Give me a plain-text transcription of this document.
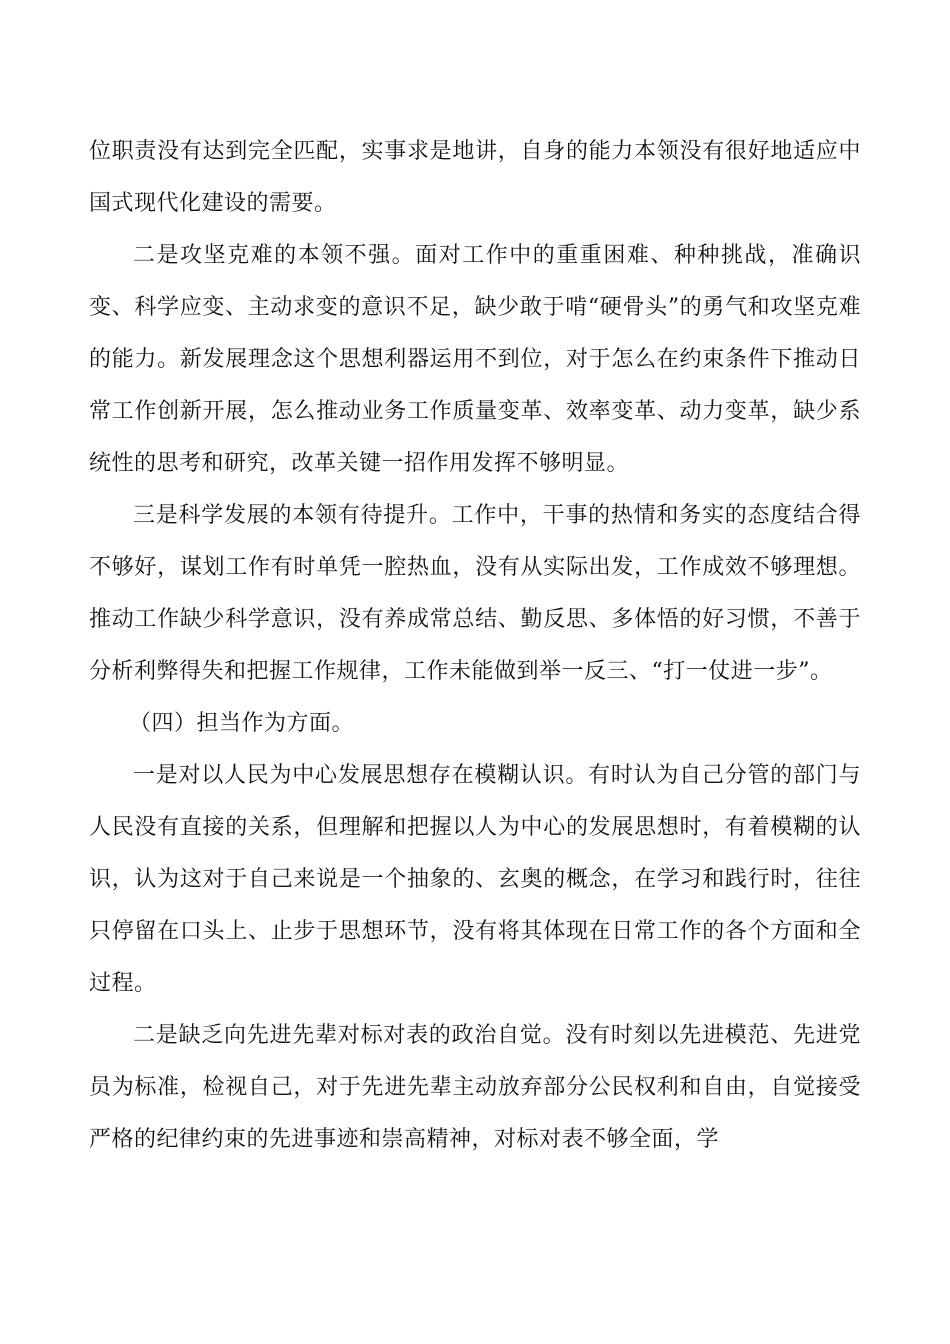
位职责没有达到完全匹配，实事求是地讲，自身的能力本领没有很好地适应中国式现代化建设的需要。

二是攻坚克难的本领不强。面对工作中的重重困难、种种挑战，准确识变、科学应变、主动求变的意识不足，缺少敢于啃“硬骨头”的勇气和攻坚克难的能力。新发展理念这个思想利器运用不到位，对于怎么在约束条件下推动日常工作创新开展，怎么推动业务工作质量变革、效率变革、动力变革，缺少系统性的思考和研究，改革关键一招作用发挥不够明显。

三是科学发展的本领有待提升。工作中，干事的热情和务实的态度结合得不够好，谋划工作有时单凭一腔热血，没有从实际出发，工作成效不够理想。推动工作缺少科学意识，没有养成常总结、勤反思、多体悟的好习惯，不善于分析利弊得失和把握工作规律，工作未能做到举一反三、“打一仗进一步”。

（四）担当作为方面。

一是对以人民为中心发展思想存在模糊认识。有时认为自己分管的部门与人民没有直接的关系，但理解和把握以人为中心的发展思想时，有着模糊的认识，认为这对于自己来说是一个抽象的、玄奥的概念，在学习和践行时，往往只停留在口头上、止步于思想环节，没有将其体现在日常工作的各个方面和全过程。

二是缺乏向先进先辈对标对表的政治自觉。没有时刻以先进模范、先进党员为标准，检视自己，对于先进先辈主动放弃部分公民权利和自由，自觉接受严格的纪律约束的先进事迹和崇高精神，对标对表不够全面，学
